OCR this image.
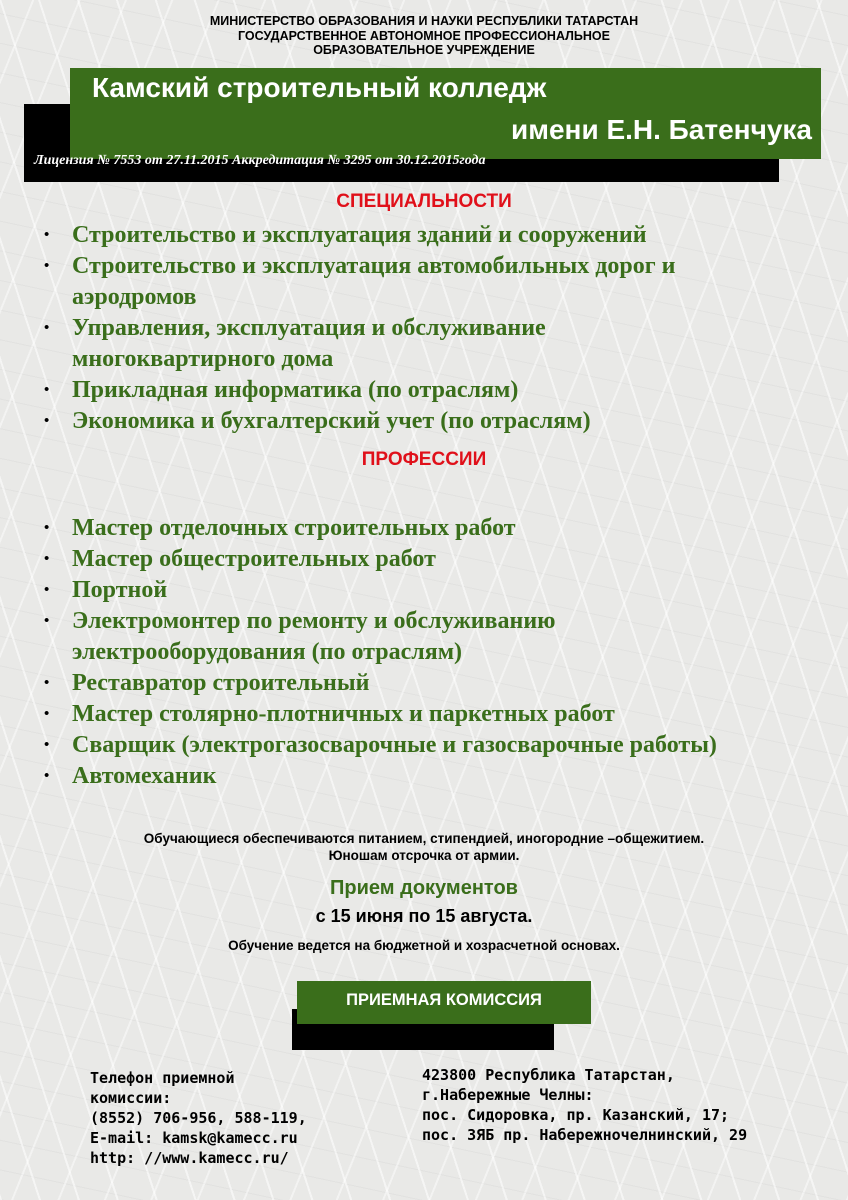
МИНИСТЕРСТВО ОБРАЗОВАНИЯ И НАУКИ РЕСПУБЛИКИ ТАТАРСТАН
ГОСУДАРСТВЕННОЕ АВТОНОМНОЕ ПРОФЕССИОНАЛЬНОЕ
ОБРАЗОВАТЕЛЬНОЕ УЧРЕЖДЕНИЕ
Камский строительный колледж
имени Е.Н. Батенчука
Лицензия № 7553 от 27.11.2015 Аккредитация № 3295 от 30.12.2015года
СПЕЦИАЛЬНОСТИ
• Строительство и эксплуатация зданий и сооружений
• Строительство и эксплуатация автомобильных дорог и аэродромов
• Управления, эксплуатация и обслуживание многоквартирного дома
• Прикладная информатика (по отраслям)
• Экономика и бухгалтерский учет (по отраслям)
ПРОФЕССИИ
• Мастер отделочных строительных работ
• Мастер общестроительных работ
• Портной
• Электромонтер по ремонту и обслуживанию электрооборудования (по отраслям)
• Реставратор строительный
• Мастер столярно-плотничных и паркетных работ
• Сварщик (электрогазосварочные и газосварочные работы)
• Автомеханик
Обучающиеся обеспечиваются питанием, стипендией, иногородние –общежитием.
Юношам отсрочка от армии.
Прием документов
с 15 июня по 15 августа.
Обучение ведется на бюджетной и хозрасчетной основах.
ПРИЕМНАЯ КОМИССИЯ
Телефон приемной
комиссии:
(8552) 706-956, 588-119,
E-mail: kamsk@kamecc.ru
http: //www.kamecc.ru/
423800 Республика Татарстан,
г.Набережные Челны:
пос. Сидоровка, пр. Казанский, 17;
пос. ЗЯБ пр. Набережночелнинский, 29
